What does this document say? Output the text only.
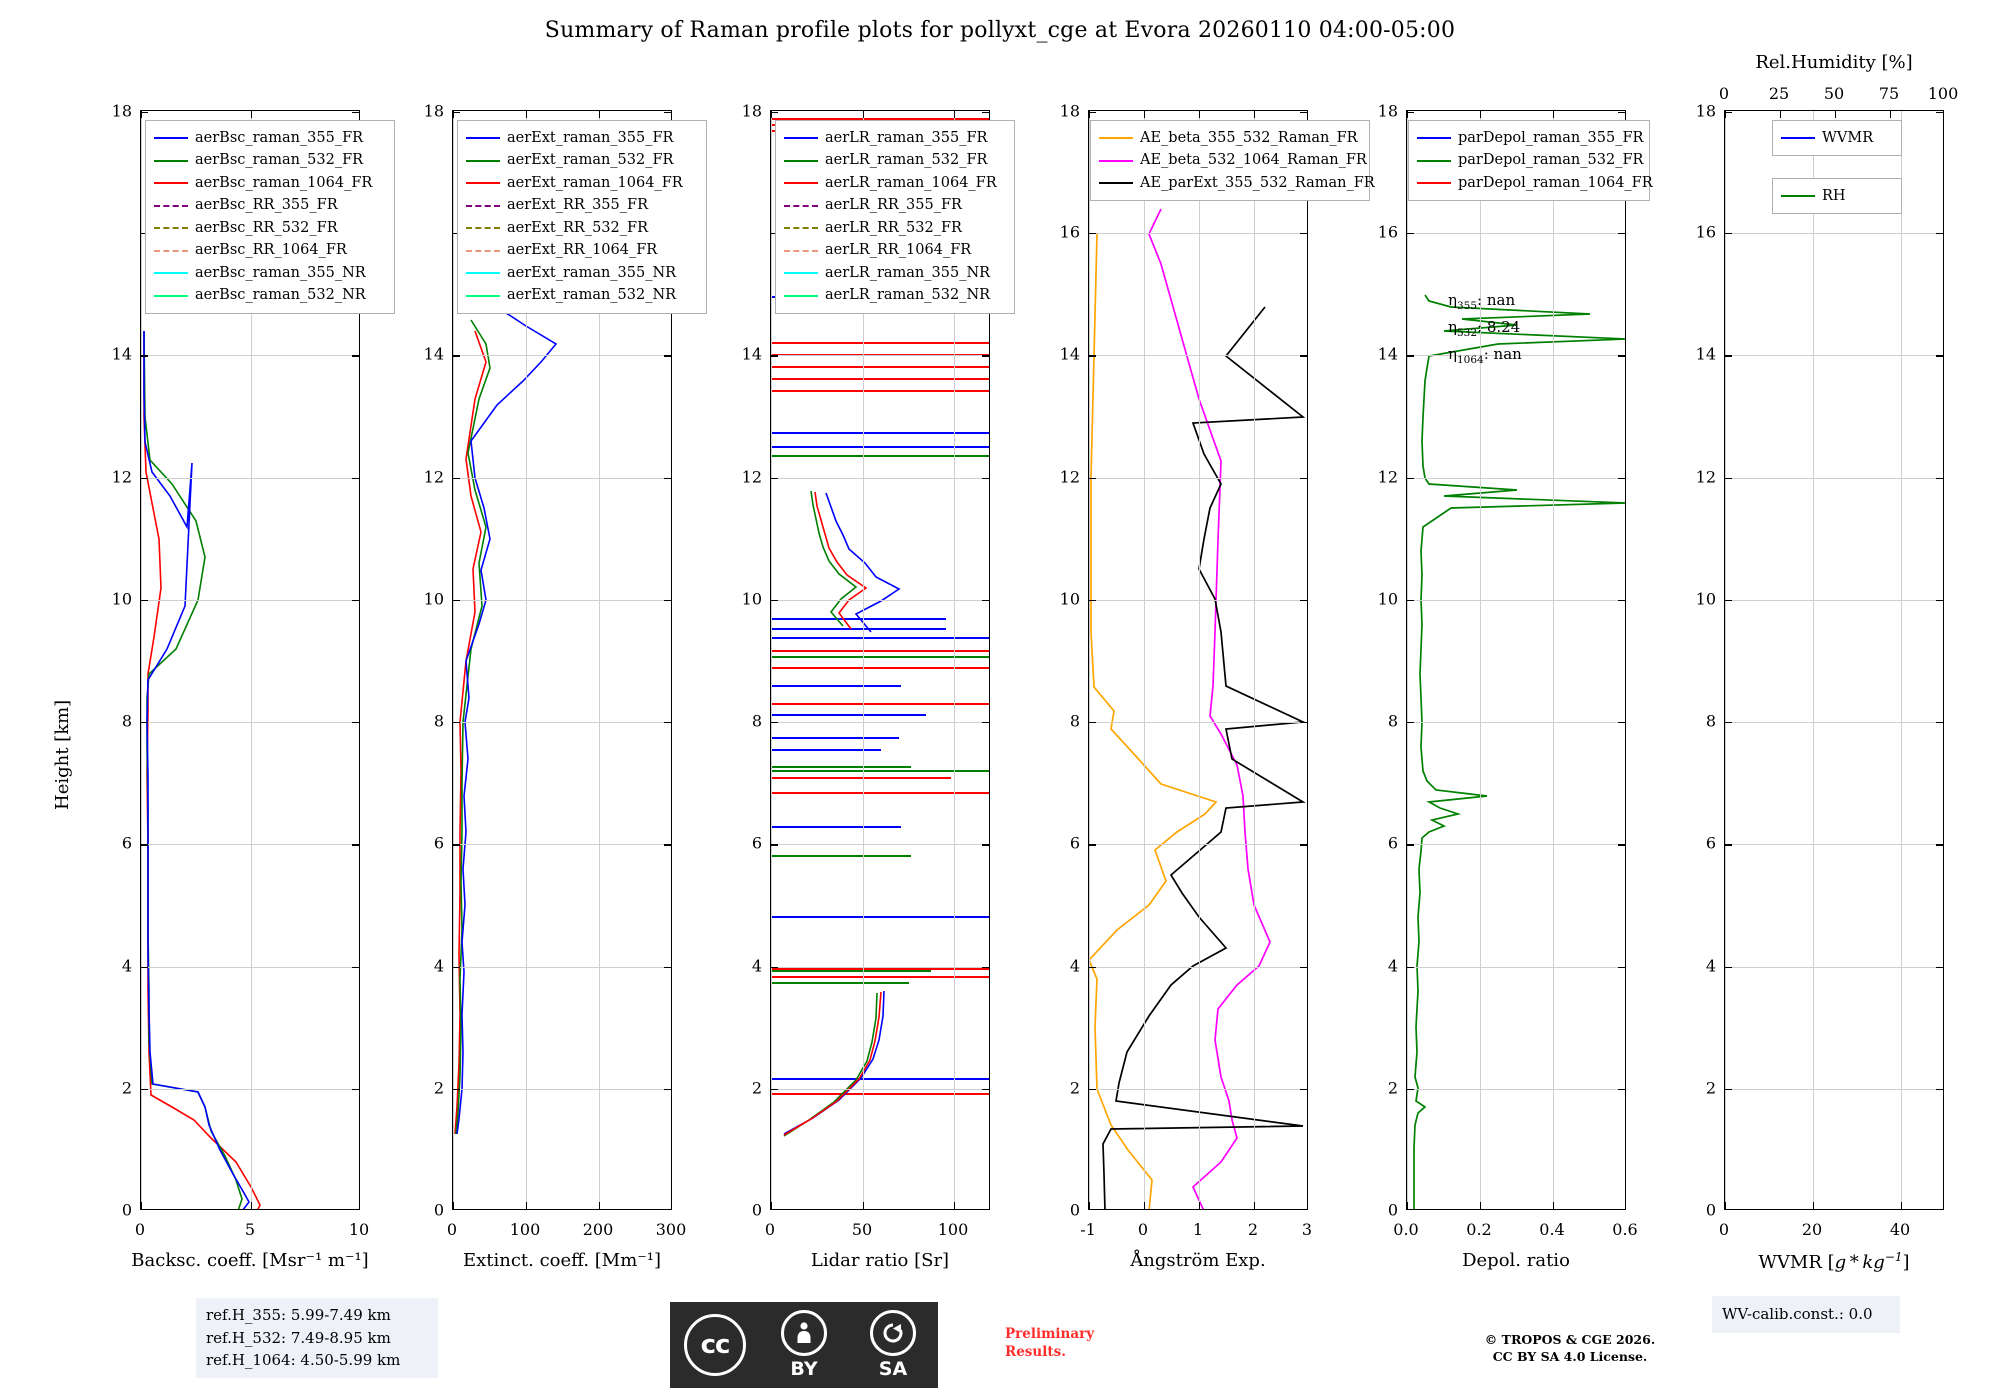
Summary of Raman profile plots for pollyxt_cge at Evora 20260110 04:00-05:00
0
2
4
6
8
10
12
14
18
0	5	10
Backsc. coeff. [Msr⁻¹ m⁻¹]
Height [km]
aerBsc_raman_355_FR
aerBsc_raman_532_FR
aerBsc_raman_1064_FR
aerBsc_RR_355_FR
aerBsc_RR_532_FR
aerBsc_RR_1064_FR
aerBsc_raman_355_NR
aerBsc_raman_532_NR
0
2
4
6
8
10
12
14
18
0	100	200	300
Extinct. coeff. [Mm⁻¹]
aerExt_raman_355_FR
aerExt_raman_532_FR
aerExt_raman_1064_FR
aerExt_RR_355_FR
aerExt_RR_532_FR
aerExt_RR_1064_FR
aerExt_raman_355_NR
aerExt_raman_532_NR
0
2
4
6
8
10
12
14
18
0	50	100
Lidar ratio [Sr]
aerLR_raman_355_FR
aerLR_raman_532_FR
aerLR_raman_1064_FR
aerLR_RR_355_FR
aerLR_RR_532_FR
aerLR_RR_1064_FR
aerLR_raman_355_NR
aerLR_raman_532_NR
0
2
4
6
8
10
12
14
16
18
-1	0	1	2	3
Ångström Exp.
AE_beta_355_532_Raman_FR
AE_beta_532_1064_Raman_FR
AE_parExt_355_532_Raman_FR
0
2
4
6
8
10
12
14
16
18
0.0	0.2	0.4	0.6
Depol. ratio
parDepol_raman_355_FR
parDepol_raman_532_FR
parDepol_raman_1064_FR
$\eta_{355}$: nan
$\eta_{532}$: 8.24
$\eta_{1064}$: nan
0
2
4
6
8
10
12
14
16
18
0	20	40
0 25 50 75 100
Rel.Humidity [%]
WVMR $[g * kg^{-1}]$
WVMR
RH
ref.H_355: 5.99-7.49 km
ref.H_532: 7.49-8.95 km
ref.H_1064: 4.50-5.99 km	cc
BY	SA
Preliminary
Results.
© TROPOS & CGE 2026.
CC BY SA 4.0 License.
WV-calib.const.: 0.0
